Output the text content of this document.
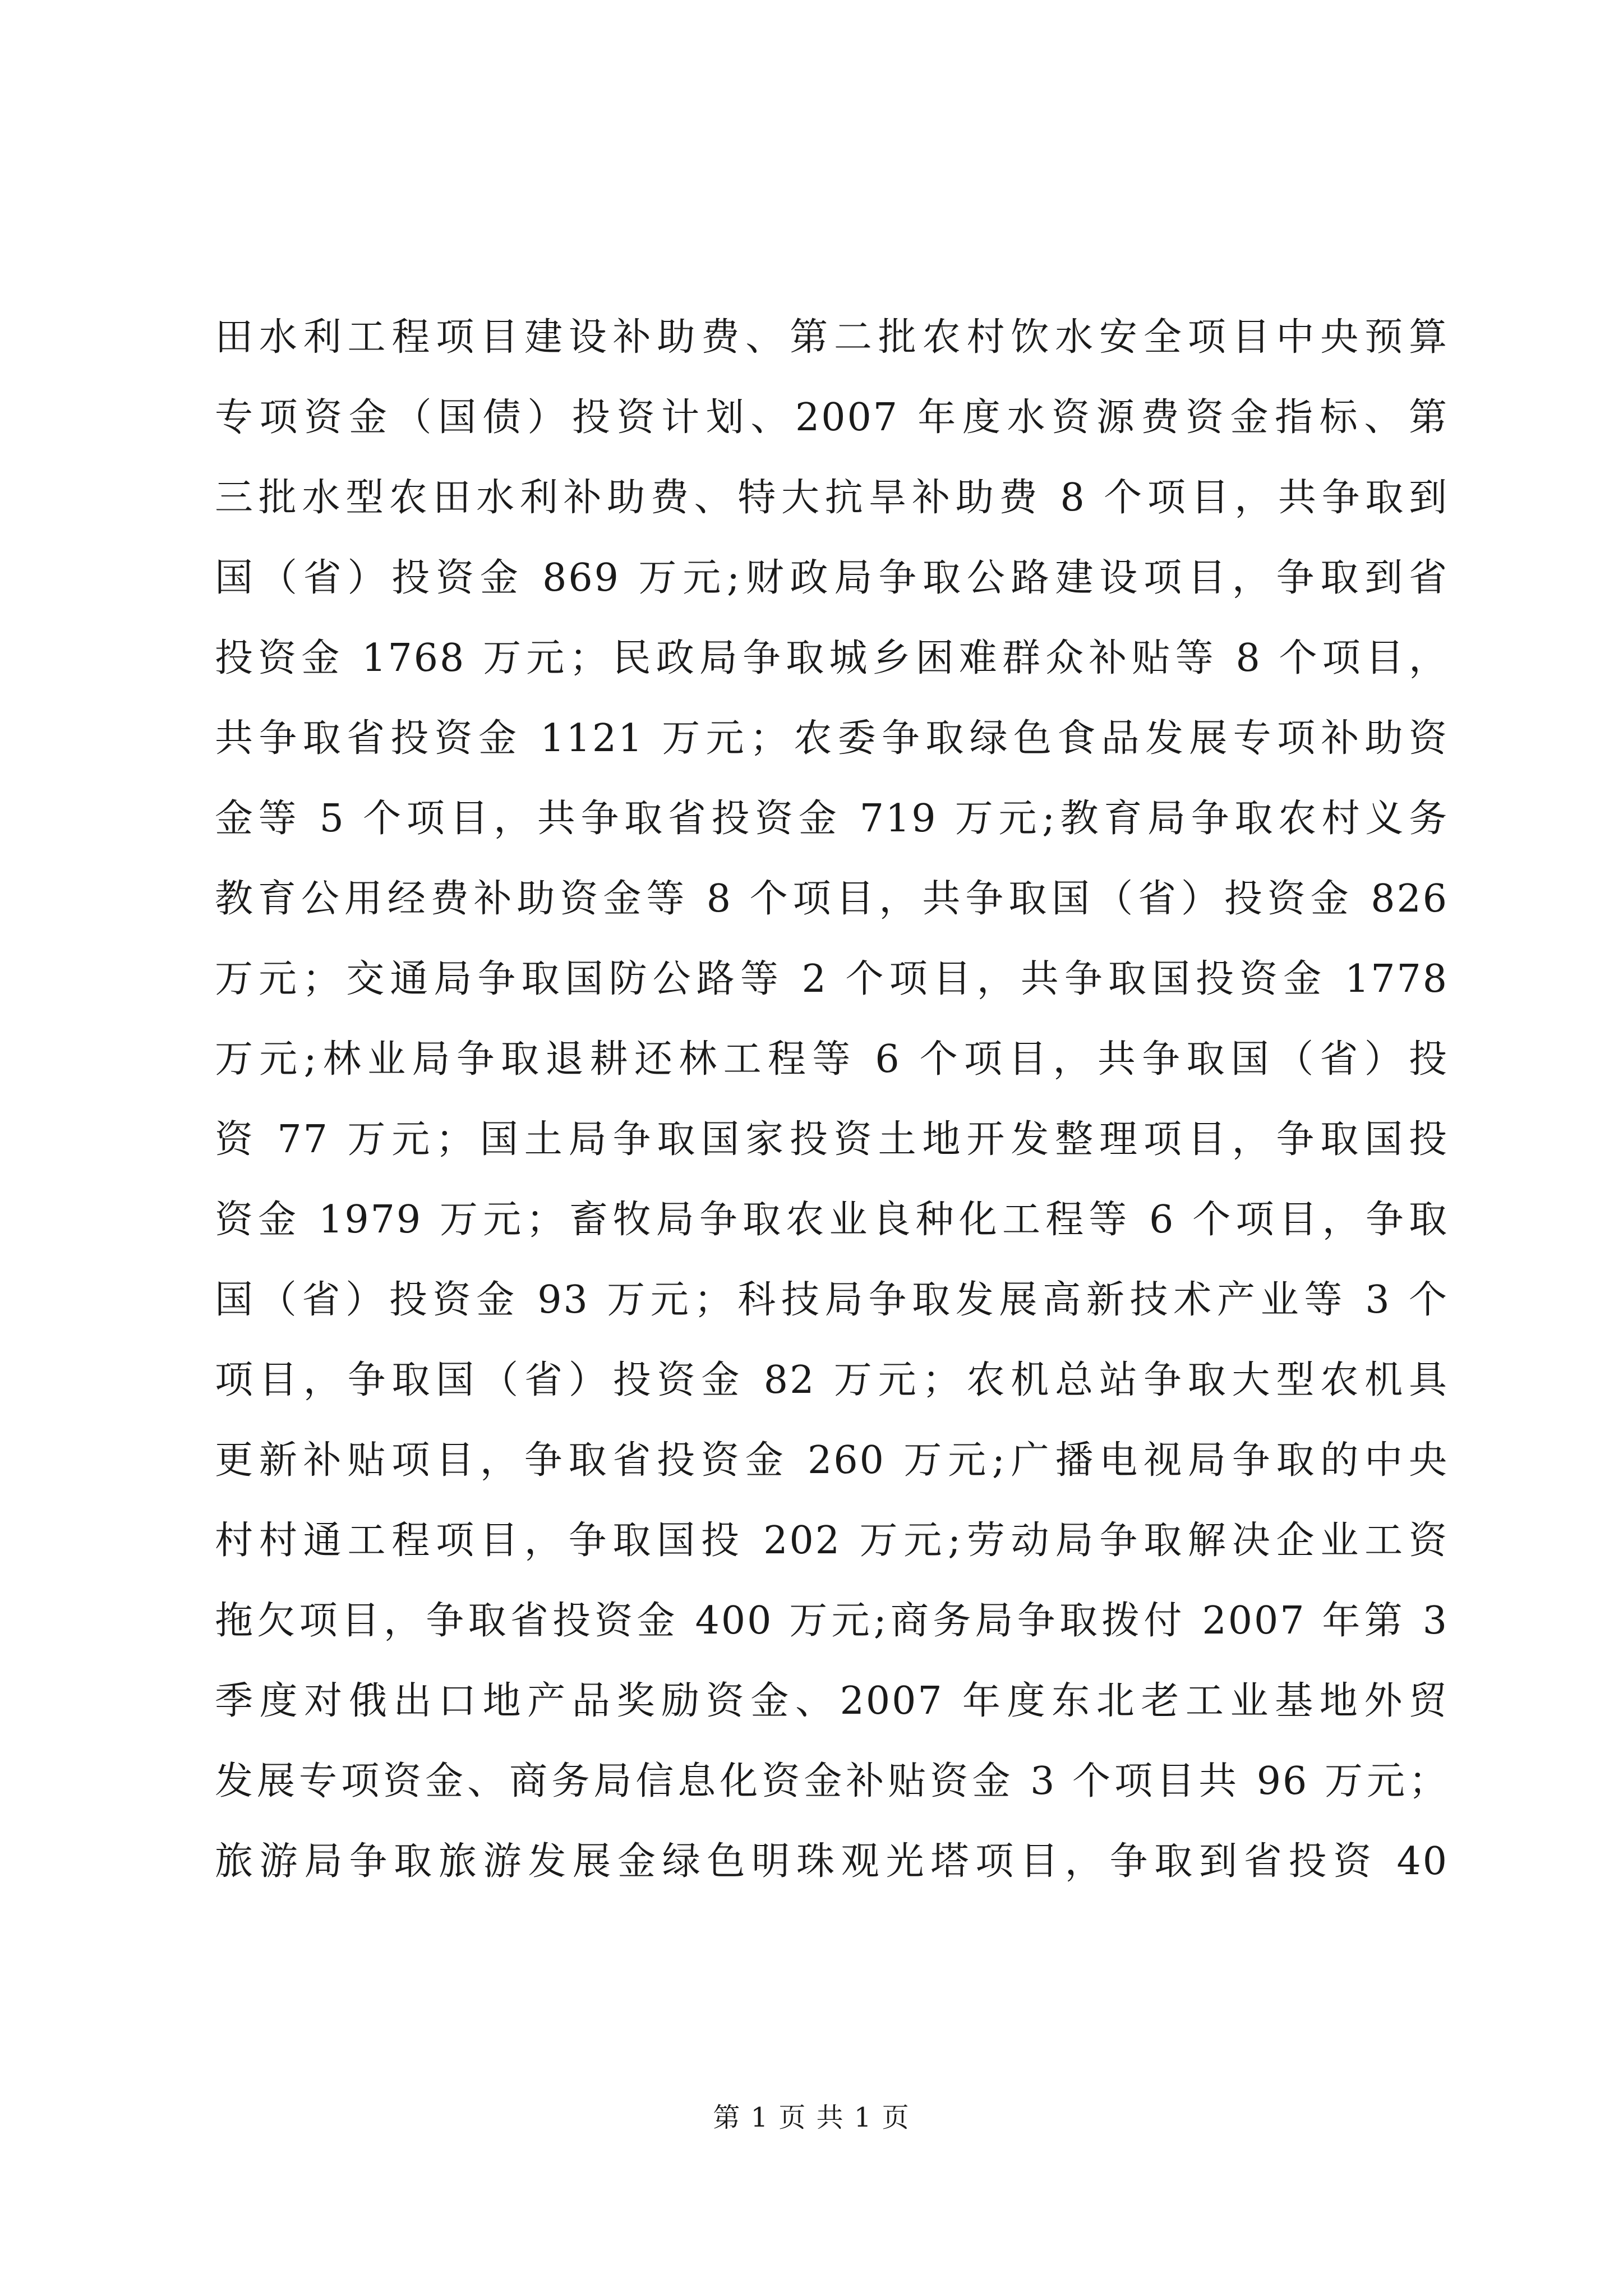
田水利工程项目建设补助费、第二批农村饮水安全项目中央预算
专项资金（国债）投资计划、2007 年度水资源费资金指标、第
三批水型农田水利补助费、特大抗旱补助费 8 个项目，共争取到
国（省）投资金 869 万元;财政局争取公路建设项目，争取到省
投资金 1768 万元；民政局争取城乡困难群众补贴等 8 个项目，
共争取省投资金 1121 万元；农委争取绿色食品发展专项补助资
金等 5 个项目，共争取省投资金 719 万元;教育局争取农村义务
教育公用经费补助资金等 8 个项目，共争取国（省）投资金 826
万元；交通局争取国防公路等 2 个项目，共争取国投资金 1778
万元;林业局争取退耕还林工程等 6 个项目，共争取国（省）投
资 77 万元；国土局争取国家投资土地开发整理项目，争取国投
资金 1979 万元；畜牧局争取农业良种化工程等 6 个项目，争取
国（省）投资金 93 万元；科技局争取发展高新技术产业等 3 个
项目，争取国（省）投资金 82 万元；农机总站争取大型农机具
更新补贴项目，争取省投资金 260 万元;广播电视局争取的中央
村村通工程项目，争取国投 202 万元;劳动局争取解决企业工资
拖欠项目，争取省投资金 400 万元;商务局争取拨付 2007 年第 3
季度对俄出口地产品奖励资金、2007 年度东北老工业基地外贸
发展专项资金、商务局信息化资金补贴资金 3 个项目共 96 万元；
旅游局争取旅游发展金绿色明珠观光塔项目，争取到省投资 40
第 1 页 共 1 页
